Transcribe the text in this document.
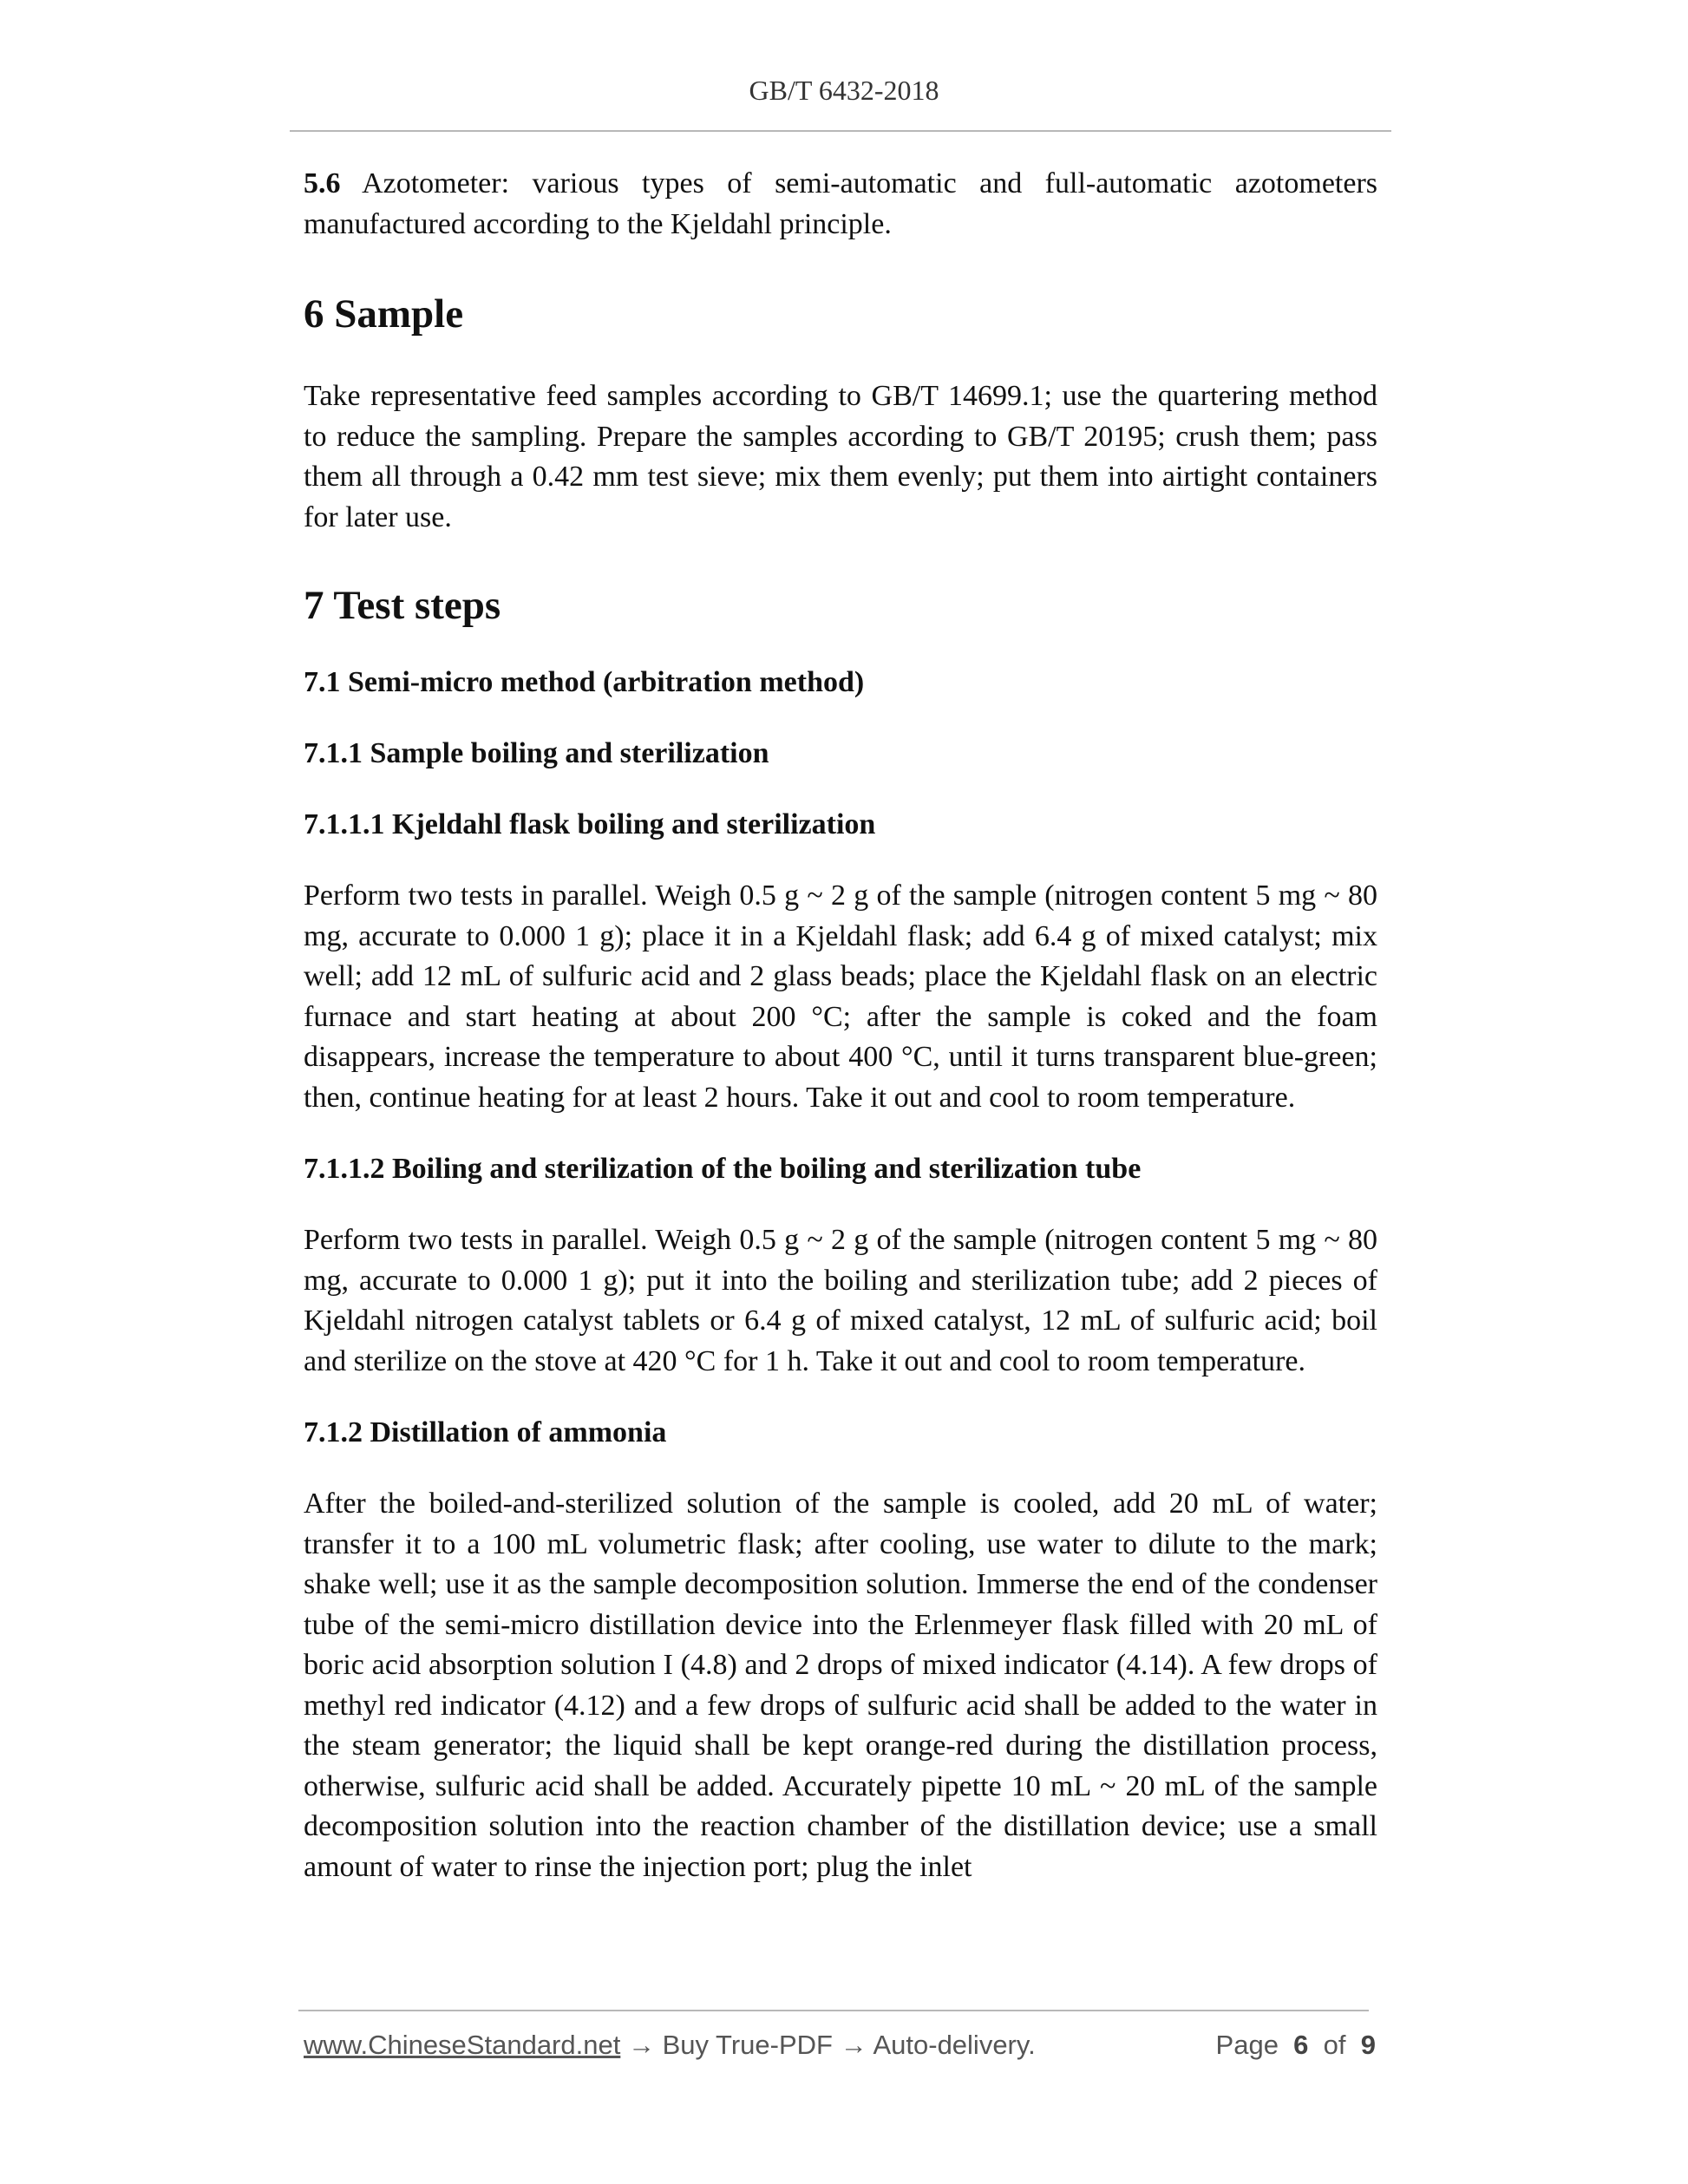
GB/T 6432-2018

5.6 Azotometer: various types of semi-automatic and full-automatic azotometers manufactured according to the Kjeldahl principle.

6 Sample

Take representative feed samples according to GB/T 14699.1; use the quartering method to reduce the sampling. Prepare the samples according to GB/T 20195; crush them; pass them all through a 0.42 mm test sieve; mix them evenly; put them into airtight containers for later use.

7 Test steps
7.1 Semi-micro method (arbitration method)
7.1.1 Sample boiling and sterilization
7.1.1.1 Kjeldahl flask boiling and sterilization

Perform two tests in parallel. Weigh 0.5 g ~ 2 g of the sample (nitrogen content 5 mg ~ 80 mg, accurate to 0.000 1 g); place it in a Kjeldahl flask; add 6.4 g of mixed catalyst; mix well; add 12 mL of sulfuric acid and 2 glass beads; place the Kjeldahl flask on an electric furnace and start heating at about 200 °C; after the sample is coked and the foam disappears, increase the temperature to about 400 °C, until it turns transparent blue-green; then, continue heating for at least 2 hours. Take it out and cool to room temperature.

7.1.1.2 Boiling and sterilization of the boiling and sterilization tube

Perform two tests in parallel. Weigh 0.5 g ~ 2 g of the sample (nitrogen content 5 mg ~ 80 mg, accurate to 0.000 1 g); put it into the boiling and sterilization tube; add 2 pieces of Kjeldahl nitrogen catalyst tablets or 6.4 g of mixed catalyst, 12 mL of sulfuric acid; boil and sterilize on the stove at 420 °C for 1 h. Take it out and cool to room temperature.

7.1.2 Distillation of ammonia

After the boiled-and-sterilized solution of the sample is cooled, add 20 mL of water; transfer it to a 100 mL volumetric flask; after cooling, use water to dilute to the mark; shake well; use it as the sample decomposition solution. Immerse the end of the condenser tube of the semi-micro distillation device into the Erlenmeyer flask filled with 20 mL of boric acid absorption solution I (4.8) and 2 drops of mixed indicator (4.14). A few drops of methyl red indicator (4.12) and a few drops of sulfuric acid shall be added to the water in the steam generator; the liquid shall be kept orange-red during the distillation process, otherwise, sulfuric acid shall be added. Accurately pipette 10 mL ~ 20 mL of the sample decomposition solution into the reaction chamber of the distillation device; use a small amount of water to rinse the injection port; plug the inlet

www.ChineseStandard.net → Buy True-PDF → Auto-delivery.	Page 6 of 9
